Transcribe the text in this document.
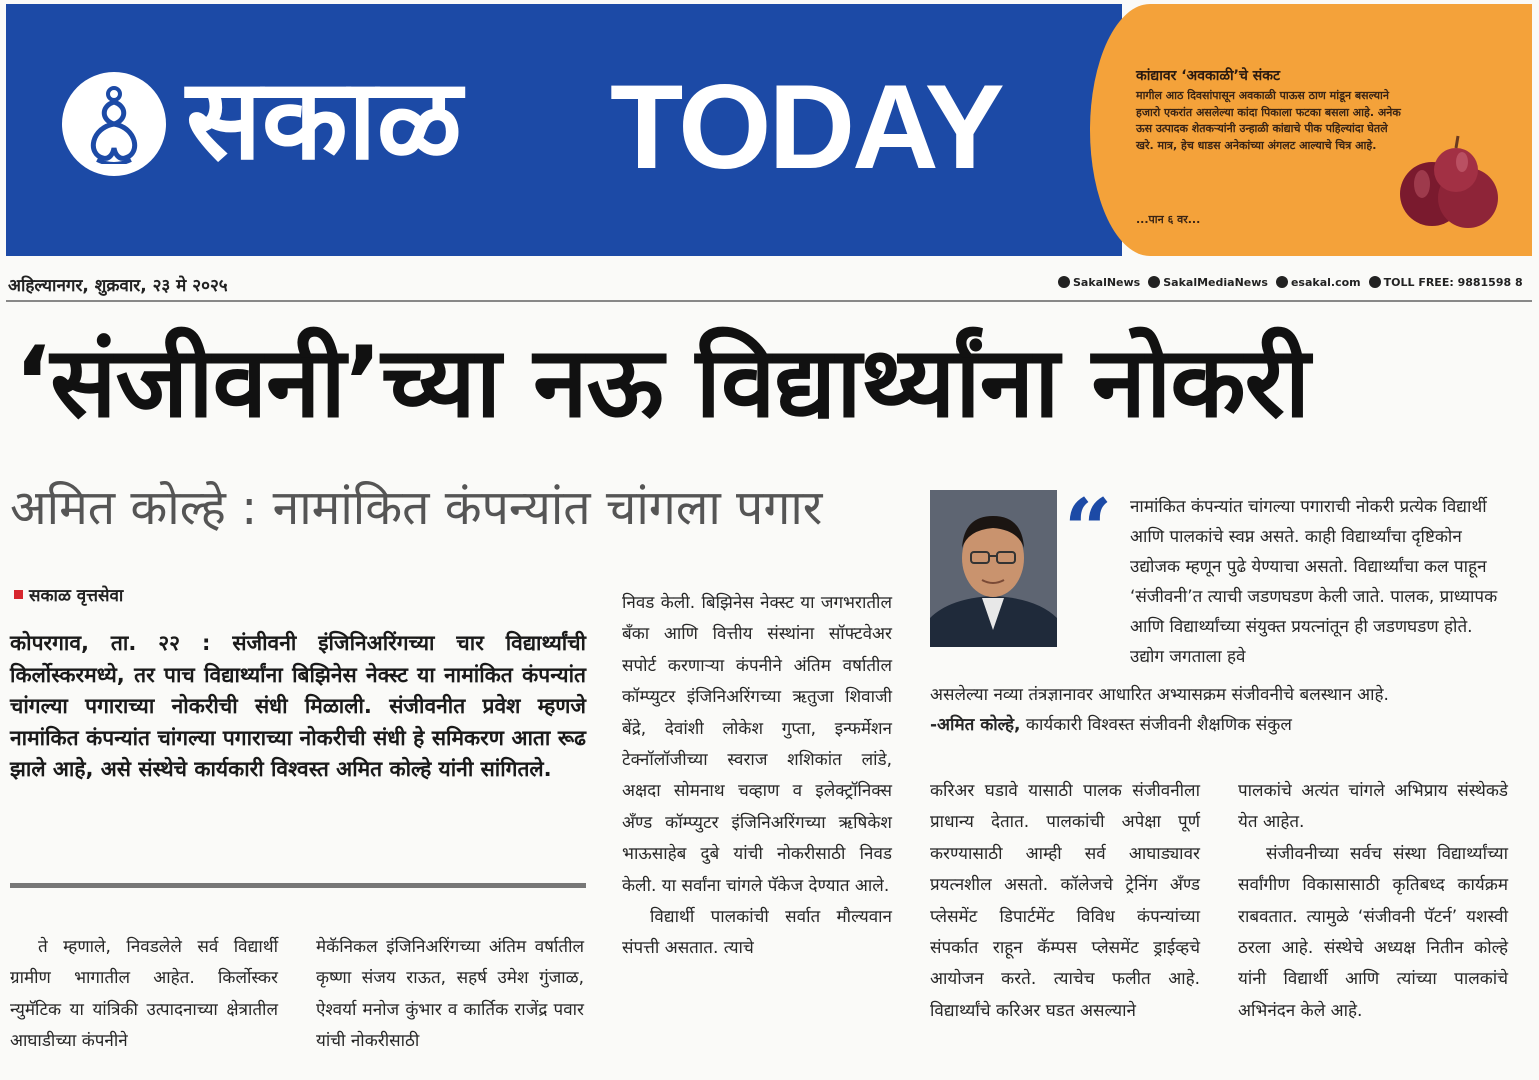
सकाळ TODAY	कांद्यावर ‘अवकाळी’चे संकट
मागील आठ दिवसांपासून अवकाळी पाऊस ठाण मांडून बसल्याने हजारो एकरांत असलेल्या कांदा पिकाला फटका बसला आहे. अनेक ऊस उत्पादक शेतकऱ्यांनी उन्हाळी कांद्याचे पीक पहिल्यांदा घेतले खरे. मात्र, हेच धाडस अनेकांच्या अंगलट आल्याचे चित्र आहे.
...पान ६ वर...
अहिल्यानगर, शुक्रवार, २३ मे २०२५	SakalNews	SakalMediaNews	esakal.com	TOLL FREE: 9881598 8
‘संजीवनी’च्या नऊ विद्यार्थ्यांना नोकरी
अमित कोल्हे : नामांकित कंपन्यांत चांगला पगार
सकाळ वृत्तसेवा
कोपरगाव, ता. २२ : संजीवनी इंजिनिअरिंगच्या चार विद्यार्थ्यांची किर्लोस्करमध्ये, तर पाच विद्यार्थ्यांना बिझिनेस नेक्स्ट या नामांकित कंपन्यांत चांगल्या पगाराच्या नोकरीची संधी मिळाली. संजीवनीत प्रवेश म्हणजे नामांकित कंपन्यांत चांगल्या पगाराच्या नोकरीची संधी हे समिकरण आता रूढ झाले आहे, असे संस्थेचे कार्यकारी विश्‍वस्त अमित कोल्हे यांनी सांगितले.
ते म्हणाले, निवडलेले सर्व विद्यार्थी ग्रामीण भागातील आहेत. किर्लोस्कर न्युमॅटिक या यांत्रिकी उत्पादनाच्या क्षेत्रातील आघाडीच्या कंपनीने
मेकॅनिकल इंजिनिअरिंगच्या अंतिम वर्षातील कृष्णा संजय राऊत, सहर्ष उमेश गुंजाळ, ऐश्वर्या मनोज कुंभार व कार्तिक राजेंद्र पवार यांची नोकरीसाठी
निवड केली. बिझिनेस नेक्स्ट या जगभरातील बँका आणि वित्तीय संस्थांना सॉफ्टवेअर सपोर्ट करणाऱ्या कंपनीने अंतिम वर्षातील कॉम्प्युटर इंजिनिअरिंगच्या ऋतुजा शिवाजी बेंद्रे, देवांशी लोकेश गुप्ता, इन्फर्मेशन टेक्नॉलॉजीच्या स्वराज शशिकांत लांडे, अक्षदा सोमनाथ चव्हाण व इलेक्ट्रॉनिक्स अँण्ड कॉम्प्युटर इंजिनिअरिंगच्या ऋषिकेश भाऊसाहेब दुबे यांची नोकरीसाठी निवड केली. या सर्वांना चांगले पॅकेज देण्यात आले.
विद्यार्थी पालकांची सर्वात मौल्यवान संपत्ती असतात. त्याचे
करिअर घडावे यासाठी पालक संजीवनीला प्राधान्य देतात. पालकांची अपेक्षा पूर्ण करण्यासाठी आम्ही सर्व आघाड्यावर प्रयत्नशील असतो. कॉलेजचे ट्रेनिंग अँण्ड प्लेसमेंट डिपार्टमेंट विविध कंपन्यांच्या संपर्कात राहून कॅम्पस प्लेसमेंट ड्राईव्हचे आयोजन करते. त्याचेच फलीत आहे. विद्यार्थ्यांचे करिअर घडत असल्याने
पालकांचे अत्यंत चांगले अभिप्राय संस्थेकडे येत आहेत.
संजीवनीच्या सर्वच संस्था विद्यार्थ्यांच्या सर्वांगीण विकासासाठी कृतिबध्द कार्यक्रम राबवतात. त्यामुळे ‘संजीवनी पॅटर्न’ यशस्वी ठरला आहे. संस्थेचे अध्यक्ष नितीन कोल्हे यांनी विद्यार्थी आणि त्यांच्या पालकांचे अभिनंदन केले आहे.
“	नामांकित कंपन्यांत चांगल्या पगाराची नोकरी प्रत्येक विद्यार्थी आणि पालकांचे स्वप्न असते. काही विद्यार्थ्यांचा दृष्टिकोन उद्योजक म्हणून पुढे येण्याचा असतो. विद्यार्थ्यांचा कल पाहून ‘संजीवनी’त त्याची जडणघडण केली जाते. पालक, प्राध्यापक आणि विद्यार्थ्यांच्या संयुक्त प्रयत्नांतून ही जडणघडण होते. उद्योग जगताला हवे
असलेल्या नव्या तंत्रज्ञानावर आधारित अभ्यासक्रम संजीवनीचे बलस्थान आहे.
-अमित कोल्हे, कार्यकारी विश्वस्त संजीवनी शैक्षणिक संकुल
